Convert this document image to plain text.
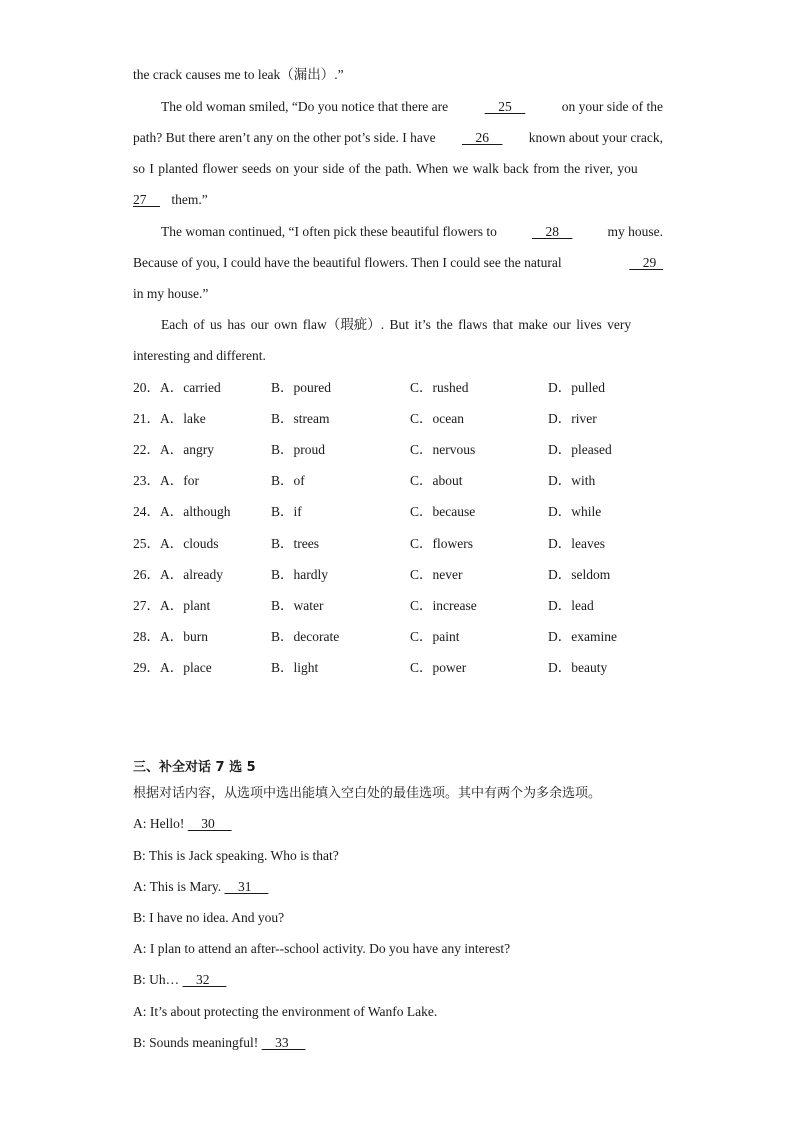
the crack causes me to leak（漏出）.”
The old woman smiled, “Do you notice that there are	25	on your side of the
path? But there aren’t any on the other pot’s side. I have 26 known about your crack,
so I planted flower seeds on your side of the path. When we walk back from the river, you
27     them.”
The woman continued, “I often pick these beautiful flowers to	28	my house.
Because of you, I could have the beautiful flowers. Then I could see the natural	29
in my house.”
Each of us has our own flaw（瑕疵）. But it’s the flaws that make our lives very
interesting and different.
20．A．carried	B．poured	C．rushed	D．pulled
21．A．lake	B．stream	C．ocean	D．river
22．A．angry	B．proud	C．nervous	D．pleased
23．A．for	B．of	C．about	D．with
24．A．although	B．if	C．because	D．while
25．A．clouds	B．trees	C．flowers	D．leaves
26．A．already	B．hardly	C．never	D．seldom
27．A．plant	B．water	C．increase	D．lead
28．A．burn	B．decorate	C．paint	D．examine
29．A．place	B．light	C．power	D．beauty
三、补全对话 7 选 5
根据对话内容，从选项中选出能填入空白处的最佳选项。其中有两个为多余选项。
A: Hello!     30
B: This is Jack speaking. Who is that?
A: This is Mary.     31
B: I have no idea. And you?
A: I plan to attend an after--school activity. Do you have any interest?
B: Uh…     32
A: It’s about protecting the environment of Wanfo Lake.
B: Sounds meaningful!     33
